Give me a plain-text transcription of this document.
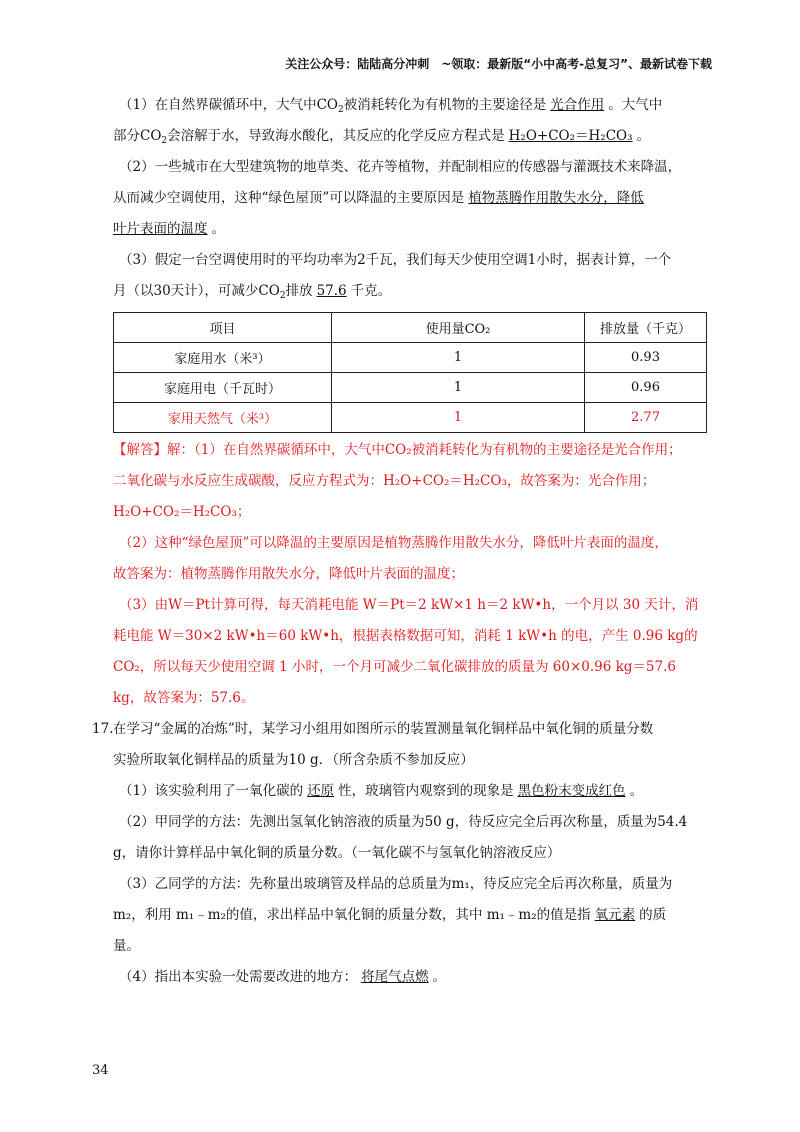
关注公众号：陆陆高分冲刺　~领取：最新版“小中高考-总复习”、最新试卷下载
（1）在自然界碳循环中，大气中$CO_2$被消耗转化为有机物的主要途径是 光合作用 。大气中
部分$CO_2$会溶解于水，导致海水酸化，其反应的化学反应方程式是 H₂O+CO₂＝H₂CO₃ 。
（2）一些城市在大型建筑物的地草类、花卉等植物，并配制相应的传感器与灌溉技术来降温，
从而减少空调使用，这种“绿色屋顶”可以降温的主要原因是 植物蒸腾作用散失水分，降低
叶片表面的温度 。
（3）假定一台空调使用时的平均功率为2千瓦，我们每天少使用空调1小时，据表计算，一个
月（以30天计），可减少$CO_2$排放 57.6 千克。
项目	使用量CO₂	排放量（千克）
家庭用水（米³）	1	0.93
家庭用电（千瓦时）	1	0.96
家用天然气（米³）	1	2.77
【解答】解：（1）在自然界碳循环中，大气中CO₂被消耗转化为有机物的主要途径是光合作用；
二氧化碳与水反应生成碳酸，反应方程式为：H₂O+CO₂＝H₂CO₃，故答案为：光合作用；
H₂O+CO₂＝H₂CO₃；
（2）这种“绿色屋顶”可以降温的主要原因是植物蒸腾作用散失水分，降低叶片表面的温度，
故答案为：植物蒸腾作用散失水分，降低叶片表面的温度；
（3）由W＝Pt计算可得，每天消耗电能 W＝Pt＝2 kW×1 h＝2 kW•h，一个月以 30 天计，消
耗电能 W＝30×2 kW•h＝60 kW•h，根据表格数据可知，消耗 1 kW•h 的电，产生 0.96 kg的
CO₂，所以每天少使用空调 1 小时，一个月可减少二氧化碳排放的质量为 60×0.96 kg＝57.6
kg，故答案为：57.6。
17. 在学习“金属的冶炼”时，某学习小组用如图所示的装置测量氧化铜样品中氧化铜的质量分数
实验所取氧化铜样品的质量为10 g．（所含杂质不参加反应）
（1）该实验利用了一氧化碳的 还原 性，玻璃管内观察到的现象是 黑色粉末变成红色 。
（2）甲同学的方法：先测出氢氧化钠溶液的质量为50 g，待反应完全后再次称量，质量为54.4
g，请你计算样品中氧化铜的质量分数。（一氧化碳不与氢氧化钠溶液反应）
（3）乙同学的方法：先称量出玻璃管及样品的总质量为m₁，待反应完全后再次称量，质量为
m₂，利用 m₁﹣m₂的值，求出样品中氧化铜的质量分数，其中 m₁﹣m₂的值是指 氧元素 的质
量。
（4）指出本实验一处需要改进的地方： 将尾气点燃 。
34
